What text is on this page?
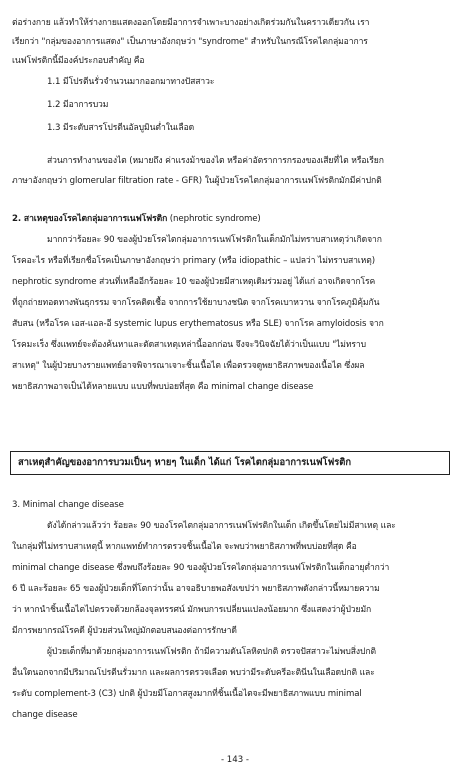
ต่อร่างกาย แล้วทำให้ร่างกายแสดงออกโดยมีอาการจำเพาะบางอย่างเกิดร่วมกันในคราวเดียวกัน เรา
เรียกว่า "กลุ่มของอาการแสดง" เป็นภาษาอังกฤษว่า "syndrome" สำหรับในกรณีโรคไตกลุ่มอาการ
เนฟโฟรติกนี้มีองค์ประกอบสำคัญ คือ
1.1 มีโปรตีนรั่วจำนวนมากออกมาทางปัสสาวะ
1.2 มีอาการบวม
1.3 มีระดับสารโปรตีนอัลบูมินต่ำในเลือด
ส่วนการทำงานของไต (หมายถึง ค่าแรงม้าของไต หรือค่าอัตราการกรองของเสียที่ไต หรือเรียก
ภาษาอังกฤษว่า glomerular filtration rate - GFR) ในผู้ป่วยโรคไตกลุ่มอาการเนฟโฟรติกมักมีค่าปกติ
2. สาเหตุของโรคไตกลุ่มอาการเนฟโฟรติก (nephrotic syndrome)
มากกว่าร้อยละ 90 ของผู้ป่วยโรคไตกลุ่มอาการเนฟโฟรติกในเด็กมักไม่ทราบสาเหตุว่าเกิดจาก
โรคอะไร หรือที่เรียกชื่อโรคเป็นภาษาอังกฤษว่า primary (หรือ idiopathic – แปลว่า ไม่ทราบสาเหตุ)
nephrotic syndrome ส่วนที่เหลืออีกร้อยละ 10 ของผู้ป่วยมีสาเหตุเดิมร่วมอยู่ ได้แก่ อาจเกิดจากโรค
ที่ถูกถ่ายทอดทางพันธุกรรม จากโรคติดเชื้อ จากการใช้ยาบางชนิด จากโรคเบาหวาน จากโรคภูมิคุ้มกัน
สับสน (หรือโรค เอส-แอล-อี systemic lupus erythematosus หรือ SLE) จากโรค amyloidosis จาก
โรคมะเร็ง ซึ่งแพทย์จะต้องค้นหาและตัดสาเหตุเหล่านี้ออกก่อน จึงจะวินิจฉัยได้ว่าเป็นแบบ "ไม่ทราบ
สาเหตุ" ในผู้ป่วยบางรายแพทย์อาจพิจารณาเจาะชิ้นเนื้อไต เพื่อตรวจดูพยาธิสภาพของเนื้อไต ซึ่งผล
พยาธิสภาพอาจเป็นได้หลายแบบ แบบที่พบบ่อยที่สุด คือ minimal change disease
สาเหตุสำคัญของอาการบวมเป็นๆ หายๆ ในเด็ก ได้แก่ โรคไตกลุ่มอาการเนฟโฟรติก
3. Minimal change disease
ดังได้กล่าวแล้วว่า ร้อยละ 90 ของโรคไตกลุ่มอาการเนฟโฟรติกในเด็ก เกิดขึ้นโดยไม่มีสาเหตุ และ
ในกลุ่มที่ไม่ทราบสาเหตุนี้ หากแพทย์ทำการตรวจชิ้นเนื้อไต จะพบว่าพยาธิสภาพที่พบบ่อยที่สุด คือ
minimal change disease ซึ่งพบถึงร้อยละ 90 ของผู้ป่วยโรคไตกลุ่มอาการเนฟโฟรติกในเด็กอายุต่ำกว่า
6 ปี และร้อยละ 65 ของผู้ป่วยเด็กที่โตกว่านั้น อาจอธิบายพอสังเขปว่า พยาธิสภาพดังกล่าวนี้หมายความ
ว่า หากนำชิ้นเนื้อไตไปตรวจด้วยกล้องจุลทรรศน์ มักพบการเปลี่ยนแปลงน้อยมาก ซึ่งแสดงว่าผู้ป่วยมัก
มีการพยากรณ์โรคดี ผู้ป่วยส่วนใหญ่มักตอบสนองต่อการรักษาดี
ผู้ป่วยเด็กที่มาด้วยกลุ่มอาการเนฟโฟรติก ถ้ามีความดันโลหิตปกติ ตรวจปัสสาวะไม่พบสิ่งปกติ
อื่นใดนอกจากมีปริมาณโปรตีนรั่วมาก และผลการตรวจเลือด พบว่ามีระดับครีอะตินีนในเลือดปกติ และ
ระดับ complement-3 (C3) ปกติ ผู้ป่วยมีโอกาสสูงมากที่ชิ้นเนื้อไตจะมีพยาธิสภาพแบบ minimal
change disease
- 143 -
